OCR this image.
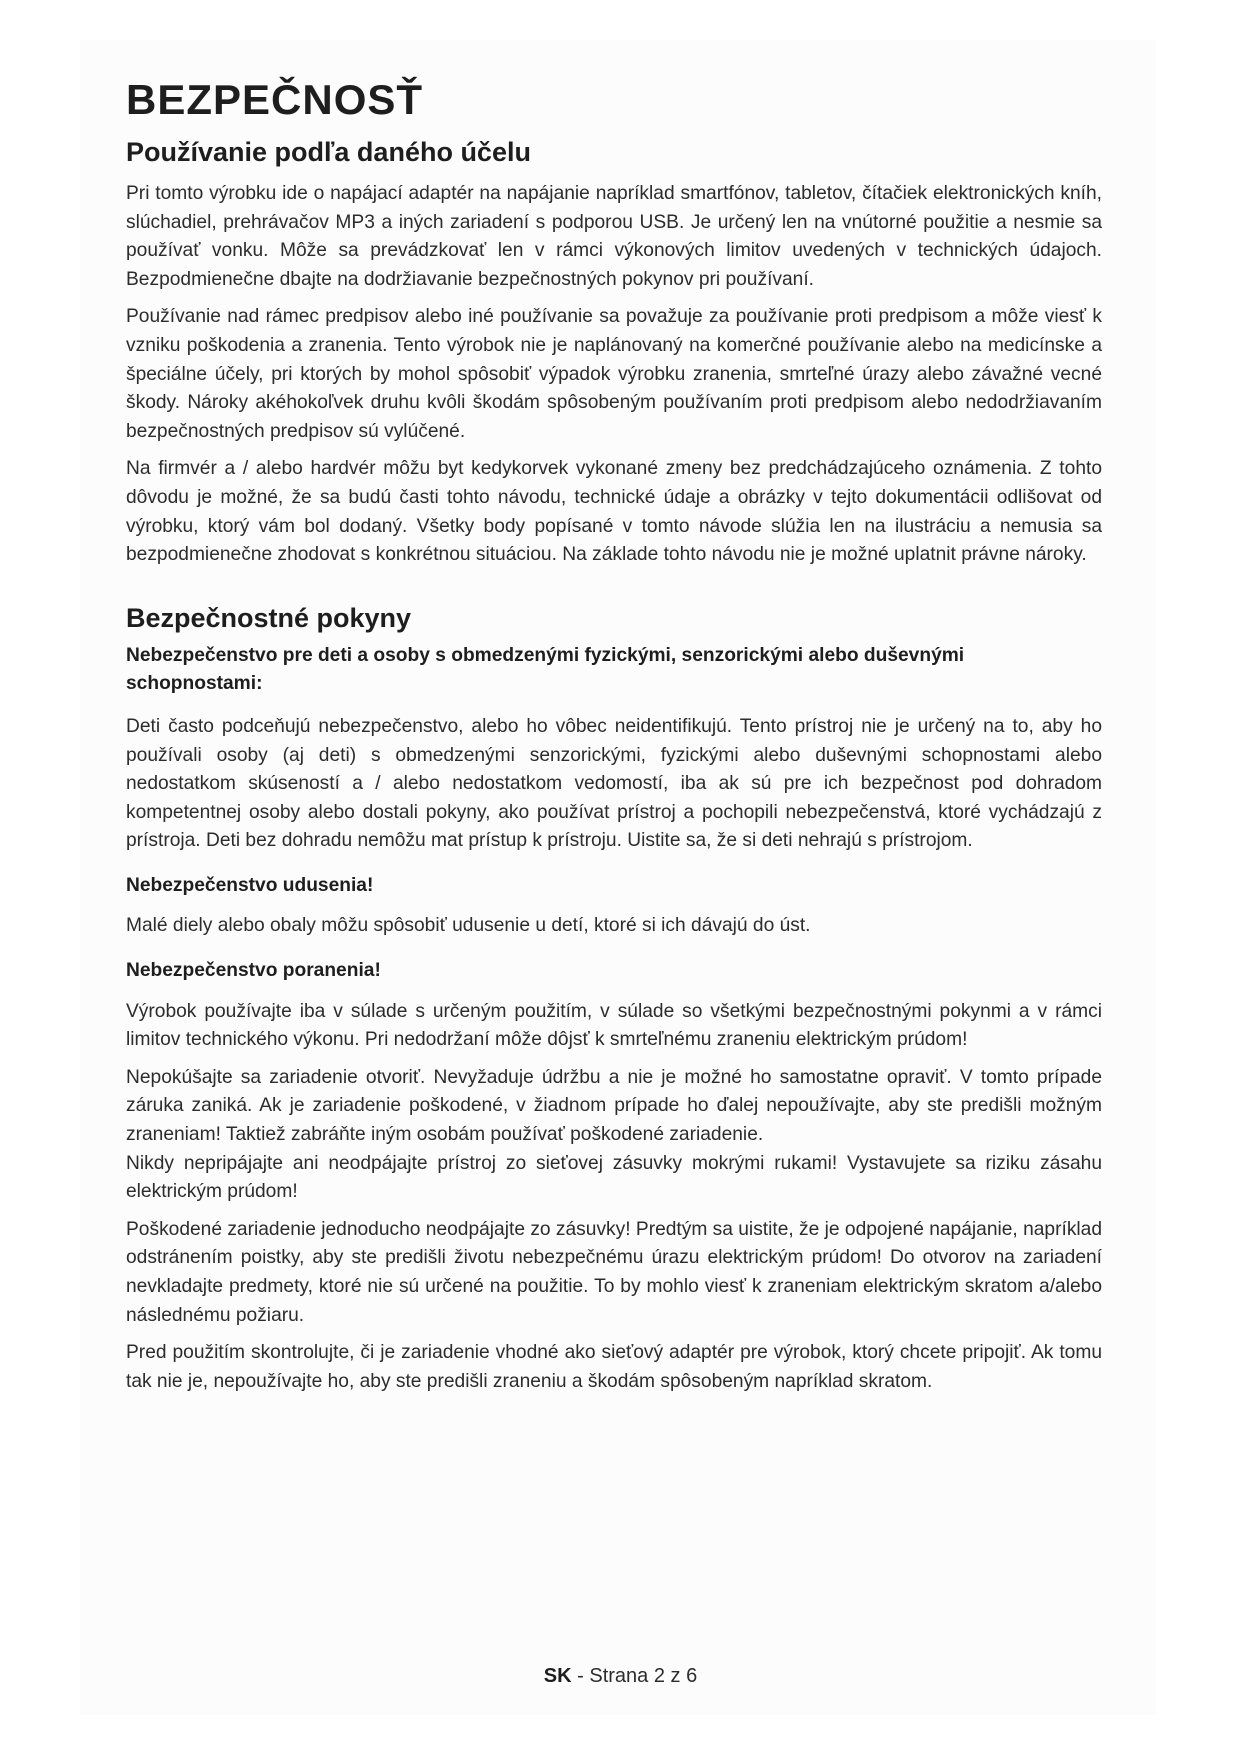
BEZPEČNOSŤ
Používanie podľa daného účelu

Pri tomto výrobku ide o napájací adaptér na napájanie napríklad smartfónov, tabletov, čítačiek elektronických kníh, slúchadiel, prehrávačov MP3 a iných zariadení s podporou USB. Je určený len na vnútorné použitie a nesmie sa používať vonku. Môže sa prevádzkovať len v rámci výkonových limitov uvedených v technických údajoch. Bezpodmienečne dbajte na dodržiavanie bezpečnostných pokynov pri používaní.

Používanie nad rámec predpisov alebo iné používanie sa považuje za používanie proti predpisom a môže viesť k vzniku poškodenia a zranenia. Tento výrobok nie je naplánovaný na komerčné používanie alebo na medicínske a špeciálne účely, pri ktorých by mohol spôsobiť výpadok výrobku zranenia, smrteľné úrazy alebo závažné vecné škody. Nároky akéhokoľvek druhu kvôli škodám spôsobeným používaním proti predpisom alebo nedodržiavaním bezpečnostných predpisov sú vylúčené.

Na firmvér a / alebo hardvér môžu byt kedykorvek vykonané zmeny bez predchádzajúceho oznámenia. Z tohto dôvodu je možné, že sa budú časti tohto návodu, technické údaje a obrázky v tejto dokumentácii odlišovat od výrobku, ktorý vám bol dodaný. Všetky body popísané v tomto návode slúžia len na ilustráciu a nemusia sa bezpodmienečne zhodovat s konkrétnou situáciou. Na základe tohto návodu nie je možné uplatnit právne nároky.

Bezpečnostné pokyny

Nebezpečenstvo pre deti a osoby s obmedzenými fyzickými, senzorickými alebo duševnými schopnostami:

Deti často podceňujú nebezpečenstvo, alebo ho vôbec neidentifikujú. Tento prístroj nie je určený na to, aby ho používali osoby (aj deti) s obmedzenými senzorickými, fyzickými alebo duševnými schopnostami alebo nedostatkom skúseností a / alebo nedostatkom vedomostí, iba ak sú pre ich bezpečnost pod dohradom kompetentnej osoby alebo dostali pokyny, ako používat prístroj a pochopili nebezpečenstvá, ktoré vychádzajú z prístroja. Deti bez dohradu nemôžu mat prístup k prístroju. Uistite sa, že si deti nehrajú s prístrojom.

Nebezpečenstvo udusenia!

Malé diely alebo obaly môžu spôsobiť udusenie u detí, ktoré si ich dávajú do úst.

Nebezpečenstvo poranenia!

Výrobok používajte iba v súlade s určeným použitím, v súlade so všetkými bezpečnostnými pokynmi a v rámci limitov technického výkonu. Pri nedodržaní môže dôjsť k smrteľnému zraneniu elektrickým prúdom!

Nepokúšajte sa zariadenie otvoriť. Nevyžaduje údržbu a nie je možné ho samostatne opraviť. V tomto prípade záruka zaniká. Ak je zariadenie poškodené, v žiadnom prípade ho ďalej nepoužívajte, aby ste predišli možným zraneniam! Taktiež zabráňte iným osobám používať poškodené zariadenie.

Nikdy nepripájajte ani neodpájajte prístroj zo sieťovej zásuvky mokrými rukami! Vystavujete sa riziku zásahu elektrickým prúdom!

Poškodené zariadenie jednoducho neodpájajte zo zásuvky! Predtým sa uistite, že je odpojené napájanie, napríklad odstránením poistky, aby ste predišli životu nebezpečnému úrazu elektrickým prúdom! Do otvorov na zariadení nevkladajte predmety, ktoré nie sú určené na použitie. To by mohlo viesť k zraneniam elektrickým skratom a/alebo následnému požiaru.

Pred použitím skontrolujte, či je zariadenie vhodné ako sieťový adaptér pre výrobok, ktorý chcete pripojiť. Ak tomu tak nie je, nepoužívajte ho, aby ste predišli zraneniu a škodám spôsobeným napríklad skratom.

SK - Strana 2 z 6
